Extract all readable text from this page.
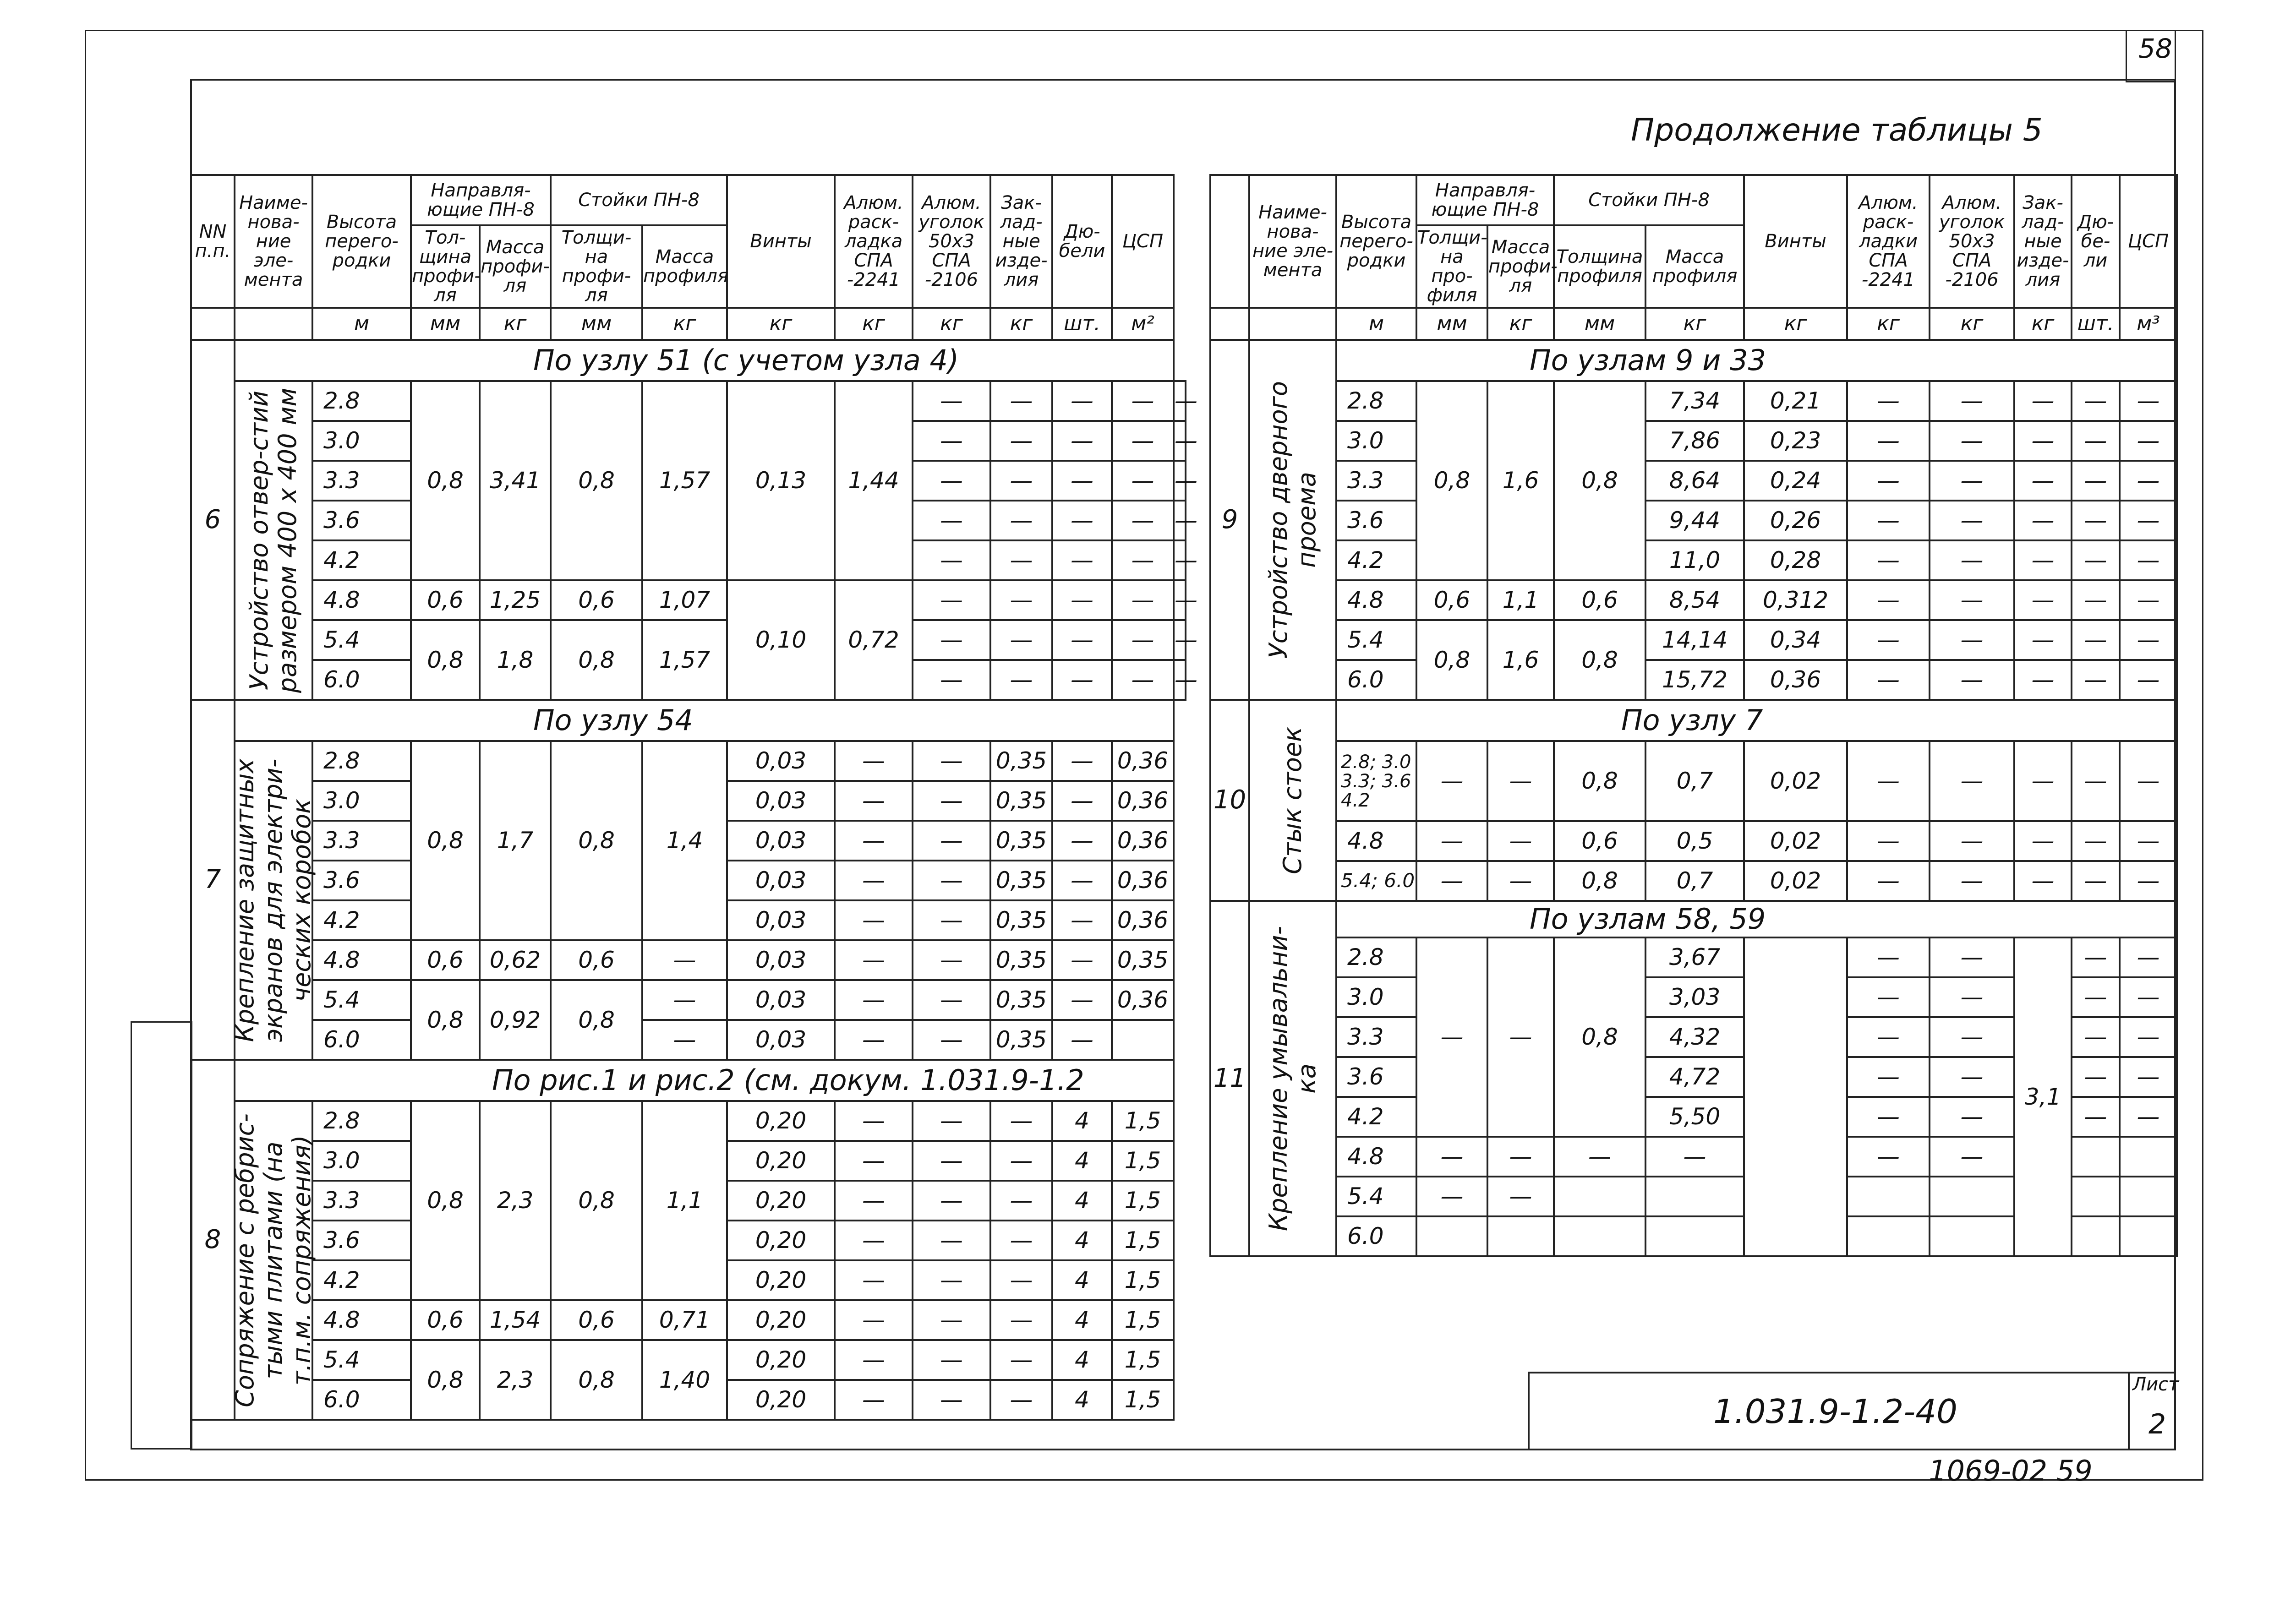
58
Продолжение таблицы 5
NN п.п.	Наиме-нова-ние эле-мента	Высота перего-родки	Направля-ющие ПН-8		Стойки ПН-8		Винты	Алюм. раск-ладка СПА -2241	Алюм. уголок 50х3 СПА -2106	Зак-лад-ные изде-лия	Дю-бели	ЦСП	
			Тол-щина профи-ля	Масса профи-ля	Толщи-на профи-ля	Масса профиля							
		м	мм	кг	мм	кг	кг	кг	кг	кг	шт.	м²	
6	По узлу 51 (с учетом узла 4)												

	Устройство отвер-стий размером 400 х 400 мм	2.8	0,8	3,41	0,8	1,57	0,13	1,44	—	—	—	—	—
		3.0							—	—	—	—	—
		3.3							—	—	—	—	—
		3.6							—	—	—	—	—
		4.2							—	—	—	—	—
		4.8	0,6	1,25	0,6	1,07	0,10	0,72	—	—	—	—	—
		5.4	0,8	1,8	0,8	1,57			—	—	—	—	—
		6.0							—	—	—	—	—
7	По узлу 54												

	Крепление защитных экранов для электри-ческих коробок	2.8	0,8	1,7	0,8	1,4	0,03	—	—	0,35	—	0,36	
		3.0					0,03	—	—	0,35	—	0,36	
		3.3					0,03	—	—	0,35	—	0,36	
		3.6					0,03	—	—	0,35	—	0,36	
		4.2					0,03	—	—	0,35	—	0,36	
		4.8	0,6	0,62	0,6	—	0,03	—	—	0,35	—	0,35	
		5.4	0,8	0,92	0,8	—	0,03	—	—	0,35	—	0,36	
		6.0				—	0,03	—	—	0,35	—		
8	По рис.1 и рис.2 (см. докум. 1.031.9-1.2												

	Сопряжение с ребрис-тыми плитами (на т.п.м. сопряжения)	2.8	0,8	2,3	0,8	1,1	0,20	—	—	—	4	1,5	
		3.0					0,20	—	—	—	4	1,5	
		3.3					0,20	—	—	—	4	1,5	
		3.6					0,20	—	—	—	4	1,5	
		4.2					0,20	—	—	—	4	1,5	
		4.8	0,6	1,54	0,6	0,71	0,20	—	—	—	4	1,5	
		5.4	0,8	2,3	0,8	1,40	0,20	—	—	—	4	1,5	
		6.0					0,20	—	—	—	4	1,5	
	Наиме-нова-ние эле-мента	Высота перего-родки	Направля-ющие ПН-8		Стойки ПН-8		Винты	Алюм. раск-ладки СПА -2241	Алюм. уголок 50х3 СПА -2106	Зак-лад-ные изде-лия	Дю-бе-ли	ЦСП
			Толщи-на про-филя	Масса профи-ля	Толщина профиля	Масса профиля						
		м	мм	кг	мм	кг	кг	кг	кг	кг	шт.	м³
9	Устройство дверного проема	По узлам 9 и 33										
		2.8	0,8	1,6	0,8	7,34	0,21	—	—	—	—	—
		3.0				7,86	0,23	—	—	—	—	—
		3.3				8,64	0,24	—	—	—	—	—
		3.6				9,44	0,26	—	—	—	—	—
		4.2				11,0	0,28	—	—	—	—	—
		4.8	0,6	1,1	0,6	8,54	0,312	—	—	—	—	—
		5.4	0,8	1,6	0,8	14,14	0,34	—	—	—	—	—
		6.0				15,72	0,36	—	—	—	—	—
10	Стык стоек	По узлу 7										
		2.8; 3.0 3.3; 3.6 4.2	—	—	0,8	0,7	0,02	—	—	—	—	—
		4.8	—	—	0,6	0,5	0,02	—	—	—	—	—
		5.4; 6.0	—	—	0,8	0,7	0,02	—	—	—	—	—
11	Крепление умывальни-ка	По узлам 58, 59										
		2.8	—	—	0,8	3,67		—	—	3,1	—	—
		3.0				3,03		—	—		—	—
		3.3				4,32		—	—		—	—
		3.6				4,72		—	—		—	—
		4.2				5,50		—	—		—	—
		4.8	—	—	—	—		—	—			
		5.4	—	—								
		6.0										
1.031.9-1.2-40
Лист
2
1069-02 59
